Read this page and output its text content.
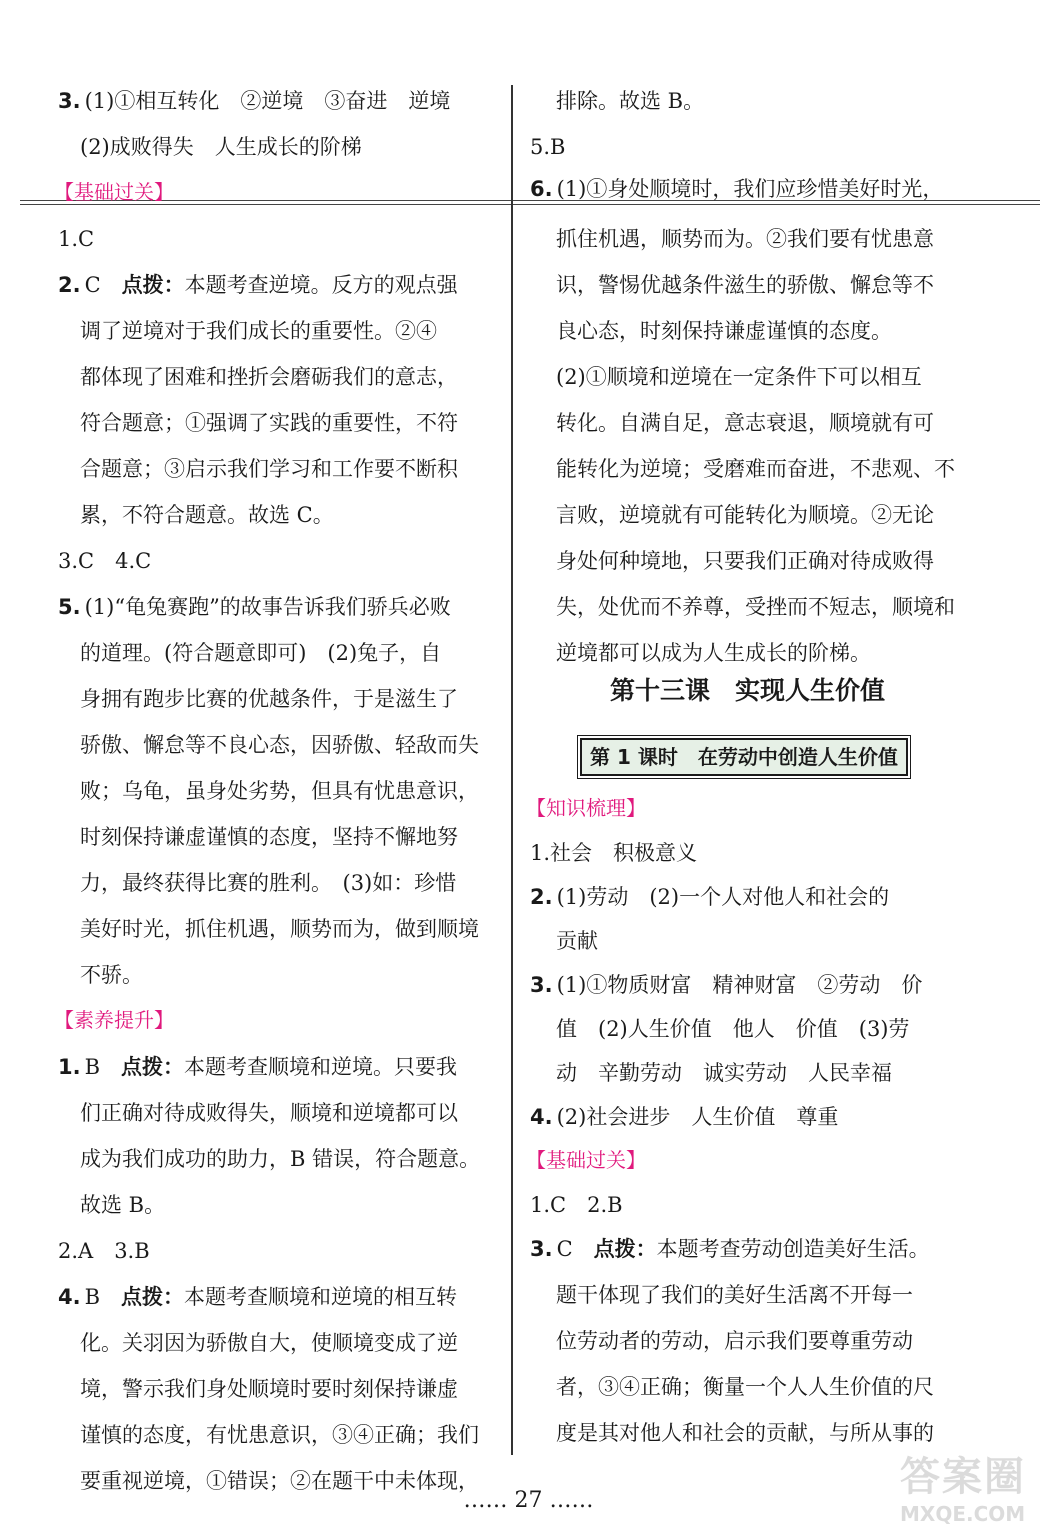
3. (1)①相互转化　②逆境　③奋进　逆境
(2)成败得失　人生成长的阶梯
【基础过关】
1.C
2. C　 点拨：本题考查逆境。反方的观点强
调了逆境对于我们成长的重要性。②④
都体现了困难和挫折会磨砺我们的意志，
符合题意；①强调了实践的重要性，不符
合题意；③启示我们学习和工作要不断积
累，不符合题意。故选 C。
3.C　4.C
5. (1)“龟兔赛跑”的故事告诉我们骄兵必败
的道理。(符合题意即可)　(2)兔子，自
身拥有跑步比赛的优越条件，于是滋生了
骄傲、懈怠等不良心态，因骄傲、轻敌而失
败；乌龟，虽身处劣势，但具有忧患意识，
时刻保持谦虚谨慎的态度，坚持不懈地努
力，最终获得比赛的胜利。　(3)如：珍惜
美好时光，抓住机遇，顺势而为，做到顺境
不骄。
【素养提升】
1. B　 点拨：本题考查顺境和逆境。只要我
们正确对待成败得失，顺境和逆境都可以
成为我们成功的助力，B 错误，符合题意。
故选 B。
2.A　3.B
4. B　 点拨：本题考查顺境和逆境的相互转
化。关羽因为骄傲自大，使顺境变成了逆
境，警示我们身处顺境时要时刻保持谦虚
谨慎的态度，有忧患意识，③④正确；我们
要重视逆境，①错误；②在题干中未体现，
排除。故选 B。
5.B
6. (1)①身处顺境时，我们应珍惜美好时光，
抓住机遇，顺势而为。②我们要有忧患意
识，警惕优越条件滋生的骄傲、懈怠等不
良心态，时刻保持谦虚谨慎的态度。
(2)①顺境和逆境在一定条件下可以相互
转化。自满自足，意志衰退，顺境就有可
能转化为逆境；受磨难而奋进，不悲观、不
言败，逆境就有可能转化为顺境。②无论
身处何种境地，只要我们正确对待成败得
失，处优而不养尊，受挫而不短志，顺境和
逆境都可以成为人生成长的阶梯。
第十三课　实现人生价值
第 1 课时　在劳动中创造人生价值
【知识梳理】
1.社会　积极意义
2. (1)劳动　(2)一个人对他人和社会的
贡献
3. (1)①物质财富　精神财富　②劳动　价
值　(2)人生价值　他人　价值　(3)劳
动　辛勤劳动　诚实劳动　人民幸福
4. (2)社会进步　人生价值　尊重
【基础过关】
1.C　2.B
3. C　 点拨：本题考查劳动创造美好生活。
题干体现了我们的美好生活离不开每一
位劳动者的劳动，启示我们要尊重劳动
者，③④正确；衡量一个人人生价值的尺
度是其对他人和社会的贡献，与所从事的
…… 27 ……
答案圈
MXQE.COM
